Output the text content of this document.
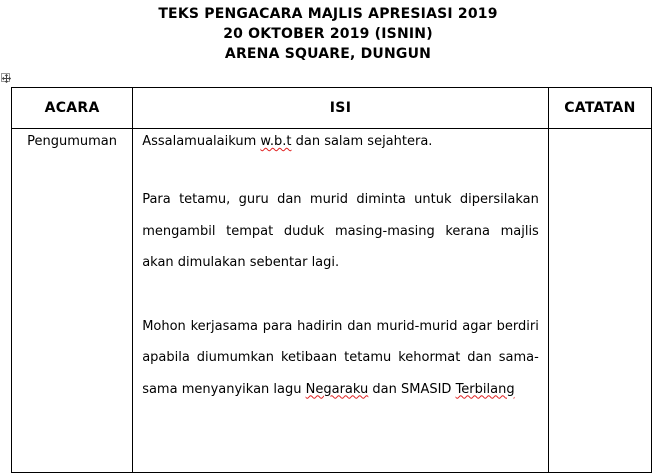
TEKS PENGACARA MAJLIS APRESIASI 2019
20 OKTOBER 2019 (ISNIN)
ARENA SQUARE, DUNGUN
ACARA	ISI	CATATAN
Pengumuman	Assalamualaikum w.b.t dan salam sejahtera.

Para tetamu, guru dan murid diminta untuk dipersilakan mengambil tempat duduk masing-masing kerana majlis akan dimulakan sebentar lagi.

Mohon kerjasama para hadirin dan murid-murid agar berdiri apabila diumumkan ketibaan tetamu kehormat dan sama-sama menyanyikan lagu Negaraku dan SMASID Terbilang	
